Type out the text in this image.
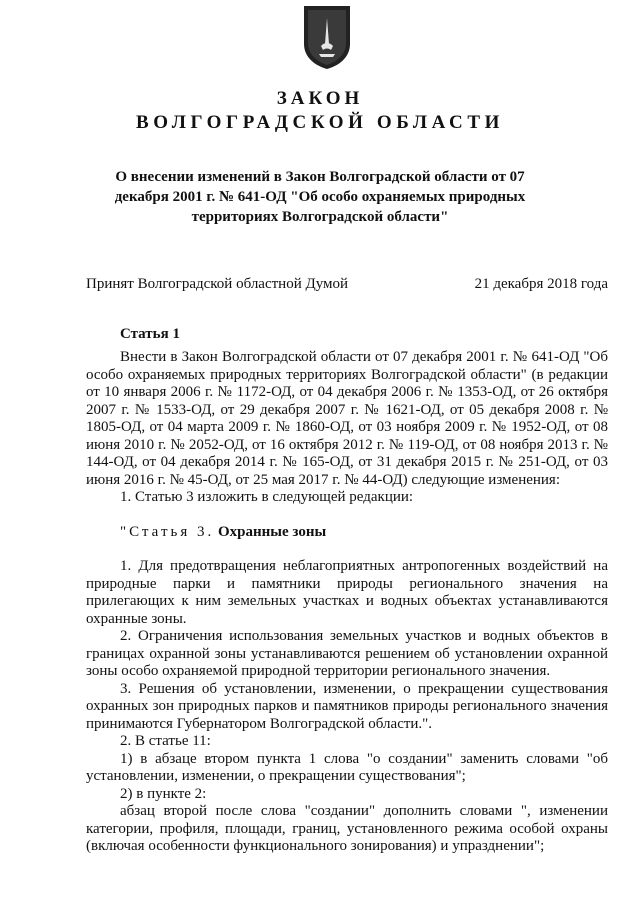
ЗАКОН
ВОЛГОГРАДСКОЙ ОБЛАСТИ
О внесении изменений в Закон Волгоградской области от 07 декабря 2001 г. № 641-ОД "Об особо охраняемых природных территориях Волгоградской области"
Принят Волгоградской областной Думой	21 декабря 2018 года
Статья 1

Внести в Закон Волгоградской области от 07 декабря 2001 г. № 641-ОД "Об особо охраняемых природных территориях Волгоградской области" (в редакции от 10 января 2006 г. № 1172-ОД, от 04 декабря 2006 г. № 1353-ОД, от 26 октября 2007 г. № 1533-ОД, от 29 декабря 2007 г. № 1621-ОД, от 05 декабря 2008 г. № 1805-ОД, от 04 марта 2009 г. № 1860-ОД, от 03 ноября 2009 г. № 1952-ОД, от 08 июня 2010 г. № 2052-ОД, от 16 октября 2012 г. № 119-ОД, от 08 ноября 2013 г. № 144-ОД, от 04 декабря 2014 г. № 165-ОД, от 31 декабря 2015 г. № 251-ОД, от 03 июня 2016 г. № 45-ОД, от 25 мая 2017 г. № 44-ОД) следующие изменения:

1. Статью 3 изложить в следующей редакции:

"Статья 3. Охранные зоны

1. Для предотвращения неблагоприятных антропогенных воздействий на природные парки и памятники природы регионального значения на прилегающих к ним земельных участках и водных объектах устанавливаются охранные зоны.

2. Ограничения использования земельных участков и водных объектов в границах охранной зоны устанавливаются решением об установлении охранной зоны особо охраняемой природной территории регионального значения.

3. Решения об установлении, изменении, о прекращении существования охранных зон природных парков и памятников природы регионального значения принимаются Губернатором Волгоградской области.".

2. В статье 11:

1) в абзаце втором пункта 1 слова "о создании" заменить словами "об установлении, изменении, о прекращении существования";

2) в пункте 2:

абзац второй после слова "создании" дополнить словами ", изменении категории, профиля, площади, границ, установленного режима особой охраны (включая особенности функционального зонирования) и упразднении";
